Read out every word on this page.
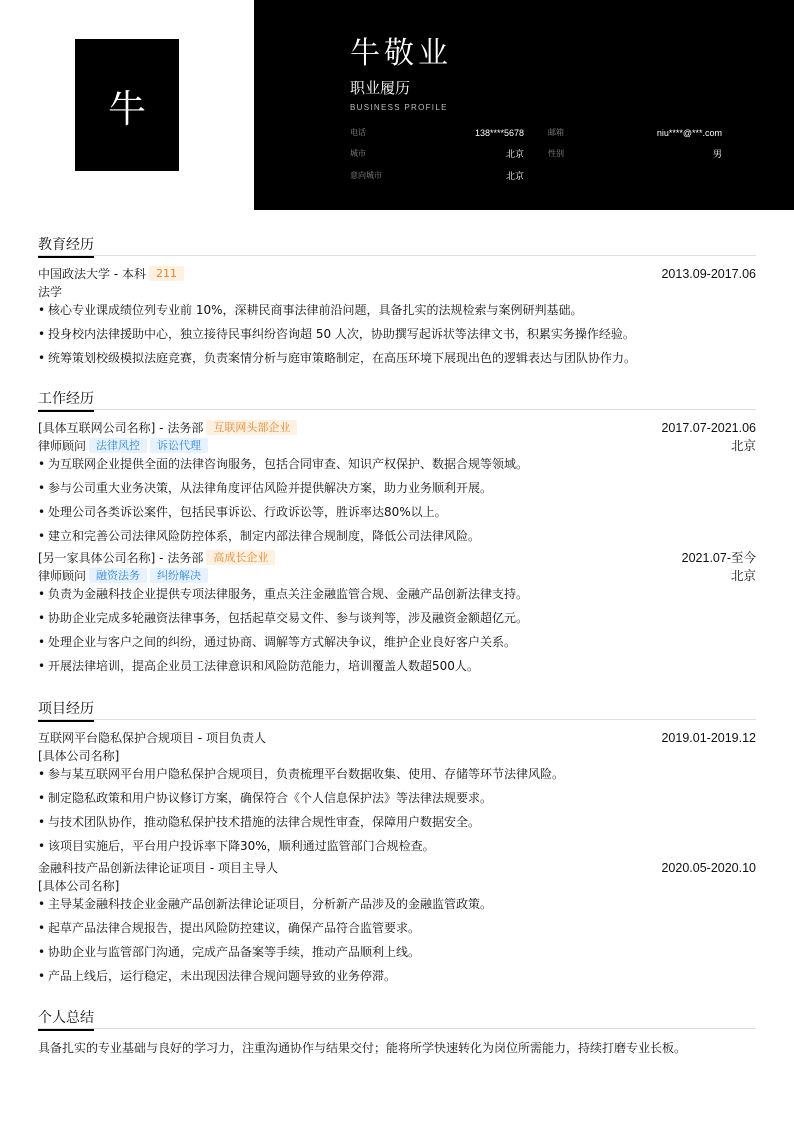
牛
牛敬业
职业履历
BUSINESS PROFILE
电话	138****5678	邮箱	niu****@***.com
城市	北京	性别	男
意向城市	北京
教育经历
中国政法大学 - 本科 211	2013.09-2017.06
法学
• 核心专业课成绩位列专业前 10%，深耕民商事法律前沿问题，具备扎实的法规检索与案例研判基础。
• 投身校内法律援助中心，独立接待民事纠纷咨询超 50 人次，协助撰写起诉状等法律文书，积累实务操作经验。
• 统筹策划校级模拟法庭竞赛，负责案情分析与庭审策略制定，在高压环境下展现出色的逻辑表达与团队协作力。
工作经历
[具体互联网公司名称] - 法务部 互联网头部企业	2017.07-2021.06
律师顾问 法律风控 诉讼代理	北京
• 为互联网企业提供全面的法律咨询服务，包括合同审查、知识产权保护、数据合规等领域。
• 参与公司重大业务决策，从法律角度评估风险并提供解决方案，助力业务顺利开展。
• 处理公司各类诉讼案件，包括民事诉讼、行政诉讼等，胜诉率达80%以上。
• 建立和完善公司法律风险防控体系，制定内部法律合规制度，降低公司法律风险。
[另一家具体公司名称] - 法务部 高成长企业	2021.07-至今
律师顾问 融资法务 纠纷解决	北京
• 负责为金融科技企业提供专项法律服务，重点关注金融监管合规、金融产品创新法律支持。
• 协助企业完成多轮融资法律事务，包括起草交易文件、参与谈判等，涉及融资金额超亿元。
• 处理企业与客户之间的纠纷，通过协商、调解等方式解决争议，维护企业良好客户关系。
• 开展法律培训，提高企业员工法律意识和风险防范能力，培训覆盖人数超500人。
项目经历
互联网平台隐私保护合规项目 - 项目负责人	2019.01-2019.12
[具体公司名称]
• 参与某互联网平台用户隐私保护合规项目，负责梳理平台数据收集、使用、存储等环节法律风险。
• 制定隐私政策和用户协议修订方案，确保符合《个人信息保护法》等法律法规要求。
• 与技术团队协作，推动隐私保护技术措施的法律合规性审查，保障用户数据安全。
• 该项目实施后，平台用户投诉率下降30%，顺利通过监管部门合规检查。
金融科技产品创新法律论证项目 - 项目主导人	2020.05-2020.10
[具体公司名称]
• 主导某金融科技企业金融产品创新法律论证项目，分析新产品涉及的金融监管政策。
• 起草产品法律合规报告，提出风险防控建议，确保产品符合监管要求。
• 协助企业与监管部门沟通，完成产品备案等手续，推动产品顺利上线。
• 产品上线后，运行稳定，未出现因法律合规问题导致的业务停滞。
个人总结
具备扎实的专业基础与良好的学习力，注重沟通协作与结果交付；能将所学快速转化为岗位所需能力，持续打磨专业长板。
